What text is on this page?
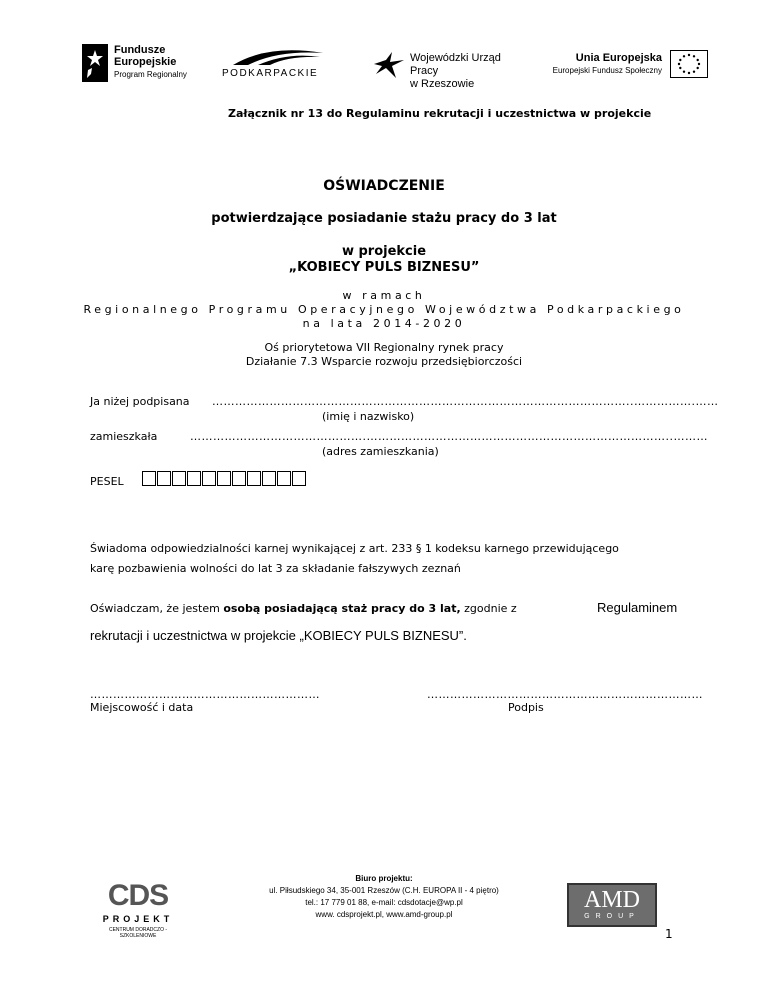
Fundusze
Europejskie
Program Regionalny	PODKARPACKIE
Wojewódzki Urząd Pracy
w Rzeszowie
Unia Europejska
Europejski Fundusz Społeczny
Załącznik nr 13 do Regulaminu rekrutacji i uczestnictwa w projekcie
OŚWIADCZENIE
potwierdzające posiadanie stażu pracy do 3 lat
w projekcie
„KOBIECY PULS BIZNESU”
w ramach
Regionalnego Programu Operacyjnego Województwa Podkarpackiego
na lata 2014-2020
Oś priorytetowa VII Regionalny rynek pracy
Działanie 7.3 Wsparcie rozwoju przedsiębiorczości
Ja niżej podpisana ………………………………………………………………………………………………..…………….……
(imię i nazwisko)
zamieszkała	……………………………………….……………………………………………………………………..………
(adres zamieszkania)
PESEL
Świadoma odpowiedzialności karnej wynikającej z art. 233 § 1 kodeksu karnego przewidującego
karę pozbawienia wolności do lat 3 za składanie fałszywych zeznań
Oświadczam, że jestem osobą posiadającą staż pracy do 3 lat, zgodnie z	Regulaminem
rekrutacji i uczestnictwa w projekcie „KOBIECY PULS BIZNESU”.
……………………………………………………
Miejscowość i data
………………………………………………………………
Podpis
CDS
PROJEKT
CENTRUM DORADCZO - SZKOLENIOWE
Biuro projektu:
ul. Piłsudskiego 34, 35-001 Rzeszów (C.H. EUROPA II - 4 piętro)
tel.: 17 779 01 88, e-mail: cdsdotacje@wp.pl
www. cdsprojekt.pl, www.amd-group.pl
AMD
GROUP
1
